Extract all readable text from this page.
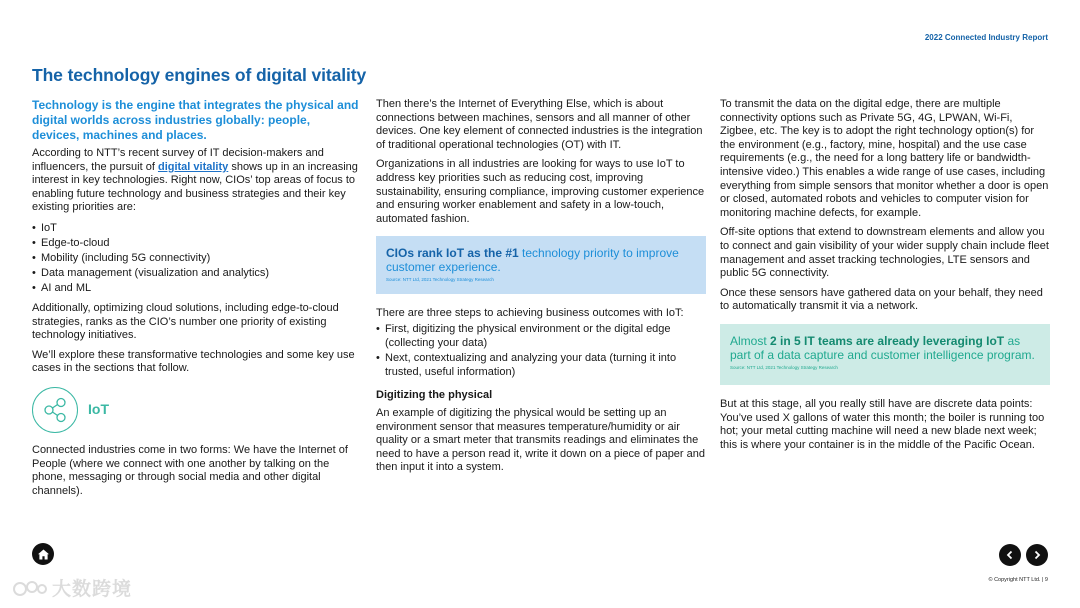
2022 Connected Industry Report
The technology engines of digital vitality

Technology is the engine that integrates the physical and digital worlds across industries globally: people, devices, machines and places.

According to NTT’s recent survey of IT decision-makers and influencers, the pursuit of digital vitality shows up in an increasing interest in key technologies. Right now, CIOs’ top areas of focus to enabling future technology and business strategies and their key existing priorities are:

• IoT
• Edge-to-cloud
• Mobility (including 5G connectivity)
• Data management (visualization and analytics)
• AI and ML

Additionally, optimizing cloud solutions, including edge-to-cloud strategies, ranks as the CIO’s number one priority of existing technology initiatives.

We’ll explore these transformative technologies and some key use cases in the sections that follow.

IoT

Connected industries come in two forms: We have the Internet of People (where we connect with one another by talking on the phone, messaging or through social media and other digital channels).

Then there’s the Internet of Everything Else, which is about connections between machines, sensors and all manner of other devices. One key element of connected industries is the integration of traditional operational technologies (OT) with IT.

Organizations in all industries are looking for ways to use IoT to address key priorities such as reducing cost, improving sustainability, ensuring compliance, improving customer experience and ensuring worker enablement and safety in a low-touch, automated fashion.

CIOs rank IoT as the #1 technology priority to improve customer experience.
Source: NTT Ltd, 2021 Technology Strategy Research

There are three steps to achieving business outcomes with IoT:

• First, digitizing the physical environment or the digital edge (collecting your data)
• Next, contextualizing and analyzing your data (turning it into trusted, useful information)

Digitizing the physical

An example of digitizing the physical would be setting up an environment sensor that measures temperature/humidity or air quality or a smart meter that transmits readings and eliminates the need to have a person read it, write it down on a piece of paper and then input it into a system.

To transmit the data on the digital edge, there are multiple connectivity options such as Private 5G, 4G, LPWAN, Wi-Fi, Zigbee, etc. The key is to adopt the right technology option(s) for the environment (e.g., factory, mine, hospital) and the use case requirements (e.g., the need for a long battery life or bandwidth-intensive video.) This enables a wide range of use cases, including everything from simple sensors that monitor whether a door is open or closed, automated robots and vehicles to computer vision for monitoring machine defects, for example.

Off-site options that extend to downstream elements and allow you to connect and gain visibility of your wider supply chain include fleet management and asset tracking technologies, LTE sensors and public 5G connectivity.

Once these sensors have gathered data on your behalf, they need to automatically transmit it via a network.

Almost 2 in 5 IT teams are already leveraging IoT as part of a data capture and customer intelligence program.
Source: NTT Ltd, 2021 Technology Strategy Research

But at this stage, all you really still have are discrete data points: You’ve used X gallons of water this month; the boiler is running too hot; your metal cutting machine will need a new blade next week; this is where your container is in the middle of the Pacific Ocean.

© Copyright NTT Ltd. | 9
大数跨境
